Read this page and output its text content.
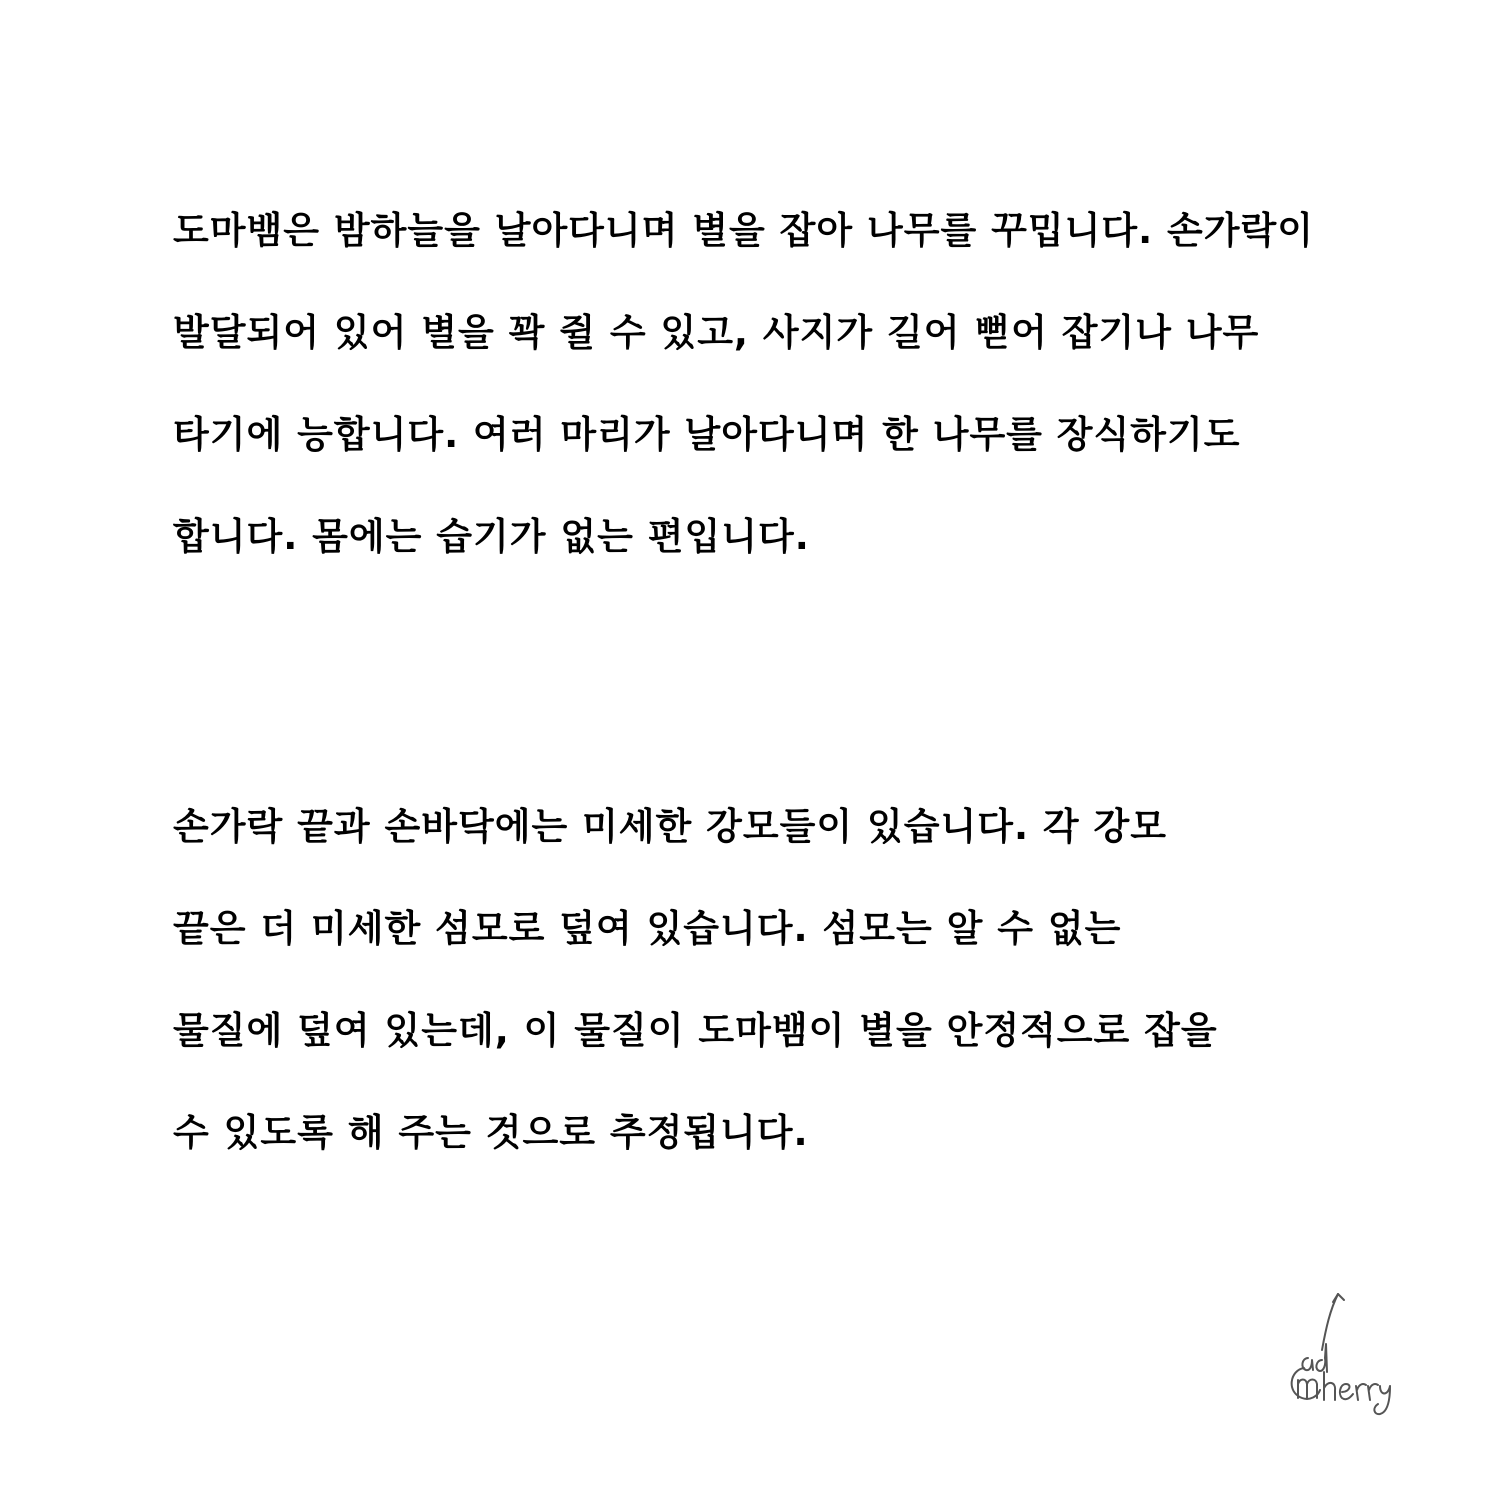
도마뱀은 밤하늘을 날아다니며 별을 잡아 나무를 꾸밉니다. 손가락이
발달되어 있어 별을 꽉 쥘 수 있고, 사지가 길어 뻗어 잡기나 나무
타기에 능합니다. 여러 마리가 날아다니며 한 나무를 장식하기도
합니다. 몸에는 습기가 없는 편입니다.

손가락 끝과 손바닥에는 미세한 강모들이 있습니다. 각 강모
끝은 더 미세한 섬모로 덮여 있습니다. 섬모는 알 수 없는
물질에 덮여 있는데, 이 물질이 도마뱀이 별을 안정적으로 잡을
수 있도록 해 주는 것으로 추정됩니다.
